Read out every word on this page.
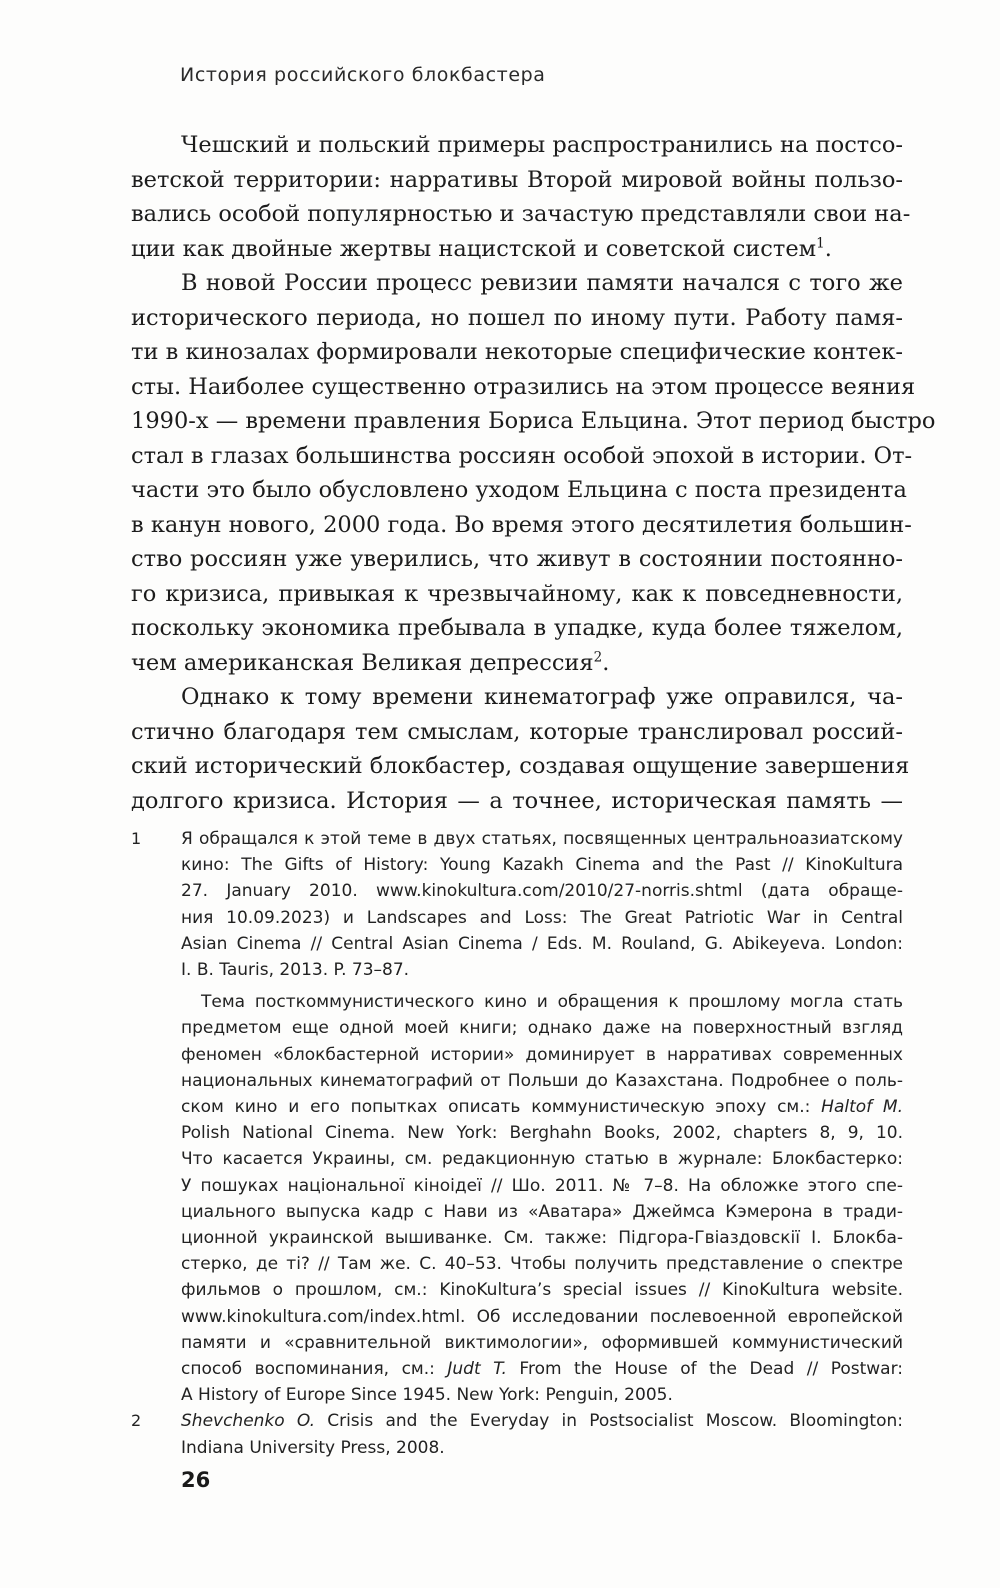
История российского блокбастера
Чешский и польский примеры распространились на постсо-
ветской территории: нарративы Второй мировой войны пользо-
вались особой популярностью и зачастую представляли свои на-
ции как двойные жертвы нацистской и советской систем$^1$.
В новой России процесс ревизии памяти начался с того же
исторического периода, но пошел по иному пути. Работу памя-
ти в кинозалах формировали некоторые специфические контек-
сты. Наиболее существенно отразились на этом процессе веяния
1990-х — времени правления Бориса Ельцина. Этот период быстро
стал в глазах большинства россиян особой эпохой в истории. От-
части это было обусловлено уходом Ельцина с поста президента
в канун нового, 2000 года. Во время этого десятилетия большин-
ство россиян уже уверились, что живут в состоянии постоянно-
го кризиса, привыкая к чрезвычайному, как к повседневности,
поскольку экономика пребывала в упадке, куда более тяжелом,
чем американская Великая депрессия$^2$.
Однако к тому времени кинематограф уже оправился, ча-
стично благодаря тем смыслам, которые транслировал россий-
ский исторический блокбастер, создавая ощущение завершения
долгого кризиса. История — а точнее, историческая память —
1	Я обращался к этой теме в двух статьях, посвященных центральноазиатскому
кино: The Gifts of History: Young Kazakh Cinema and the Past // KinoKultura
27. January 2010. www.kinokultura.com/2010/27-norris.shtml (дата обраще-
ния 10.09.2023) и Landscapes and Loss: The Great Patriotic War in Central
Asian Cinema // Central Asian Cinema / Eds. M. Rouland, G. Abikeyeva. London:
I. B. Tauris, 2013. P. 73–87.
Тема посткоммунистического кино и обращения к прошлому могла стать
предметом еще одной моей книги; однако даже на поверхностный взгляд
феномен «блокбастерной истории» доминирует в нарративах современных
национальных кинематографий от Польши до Казахстана. Подробнее о поль-
ском кино и его попытках описать коммунистическую эпоху см.: Haltof M.
Polish National Cinema. New York: Berghahn Books, 2002, chapters 8, 9, 10.
Что касается Украины, см. редакционную статью в журнале: Блокбастерко:
У пошуках національної кіноідеї // Шо. 2011. № 7–8. На обложке этого спе-
циального выпуска кадр с Нави из «Аватара» Джеймса Кэмерона в тради-
ционной украинской вышиванке. См. также: Підгора-Гвіаздовскії І. Блокба-
стерко, де ті? // Там же. С. 40–53. Чтобы получить представление о спектре
фильмов о прошлом, см.: KinoKultura’s special issues // KinoKultura website.
www.kinokultura.com/index.html. Об исследовании послевоенной европейской
памяти и «сравнительной виктимологии», оформившей коммунистический
способ воспоминания, см.: Judt T. From the House of the Dead // Postwar:
A History of Europe Since 1945. New York: Penguin, 2005.
2	Shevchenko O. Crisis and the Everyday in Postsocialist Moscow. Bloomington:
Indiana University Press, 2008.
26
